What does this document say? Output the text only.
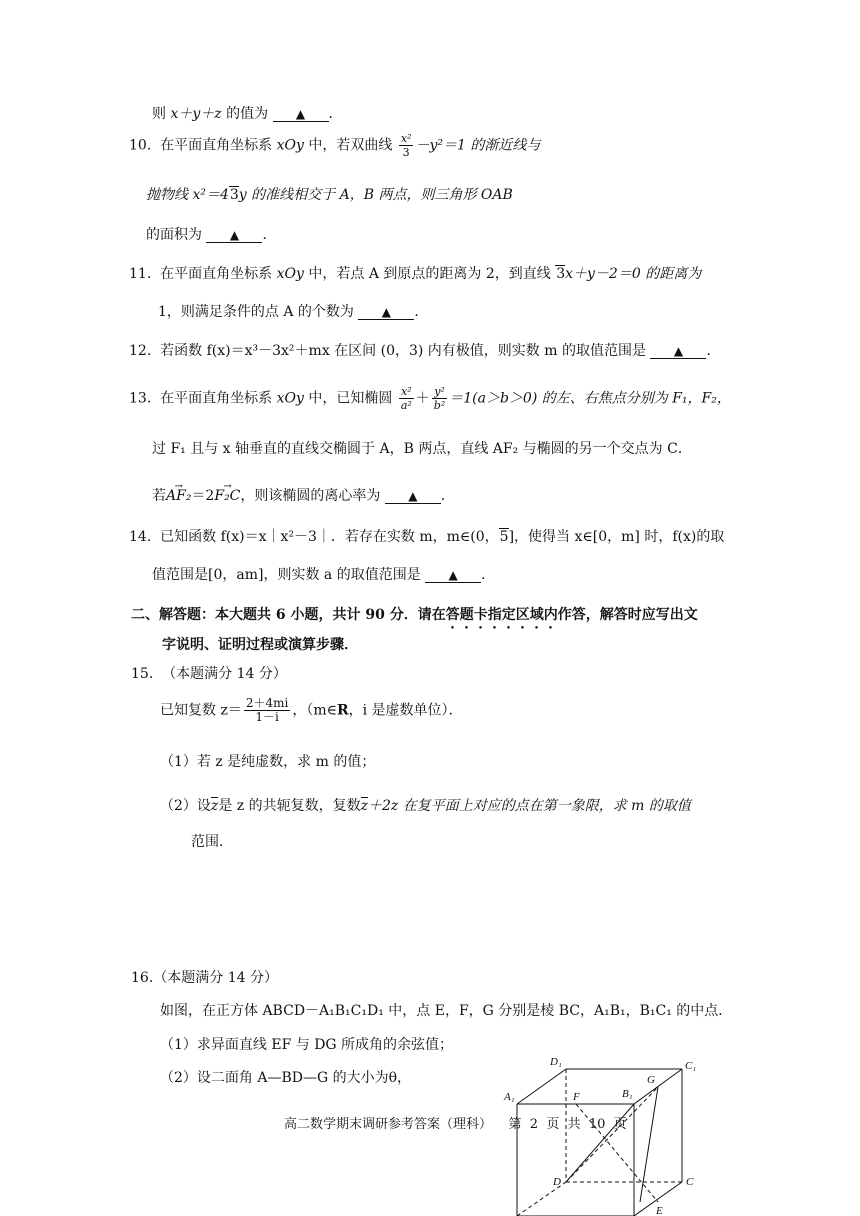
则 x＋y＋z 的值为 ▲ ．
10. 在平面直角坐标系 xOy 中，若双曲线 $\frac{\text{x²}}{3} -y^2=1$ 的渐近线与
抛物线 x²＝43y 的准线相交于 A，B 两点，则三角形 OAB
的面积为 ▲ ．
11. 在平面直角坐标系 xOy 中，若点 A 到原点的距离为 2，到直线 3x＋y－2＝0 的距离为
1，则满足条件的点 A 的个数为 ▲ ．
12. 若函数 f(x)＝x³－3x²＋mx 在区间 (0，3) 内有极值，则实数 m 的取值范围是 ▲ ．
13. 在平面直角坐标系 xOy 中，已知椭圆 $\frac{\text{x²}}{\text{a²}} + \frac{\text{y²}}{\text{b²}} =1(a>b>0)$ 的左、右焦点分别为 F₁，F₂，
过 F₁ 且与 x 轴垂直的直线交椭圆于 A，B 两点，直线 AF₂ 与椭圆的另一个交点为 C．
若→ AF₂＝2→ F₂C，则该椭圆的离心率为 ▲ ．
14. 已知函数 f(x)＝x｜x²－3｜．若存在实数 m，m∈(0，5]，使得当 x∈[0，m] 时，f(x)的取
值范围是[0，am]，则实数 a 的取值范围是 ▲ ．
二、解答题：本大题共 6 小题，共计 90 分．请在答题卡指定区域内作答，解答时应写出文
字说明、证明过程或演算步骤．
15. （本题满分 14 分）
已知复数 $z= \frac{2+4mi}{1-i}$ ，（m∈R，i 是虚数单位）．
（1）若 z 是纯虚数，求 m 的值；
（2）设z是 z 的共轭复数，复数z＋2z 在复平面上对应的点在第一象限，求 m 的取值
范围．
16.（本题满分 14 分）
如图，在正方体 ABCD－A₁B₁C₁D₁ 中，点 E，F，G 分别是棱 BC，A₁B₁，B₁C₁ 的中点．
（1）求异面直线 EF 与 DG 所成角的余弦值；
（2）设二面角 A—BD—G 的大小为θ，
高二数学期末调研参考答案（理科）    第  2  页  共  10  页
D₁	C₁
A₁	F	B₁
G
D	C
E
